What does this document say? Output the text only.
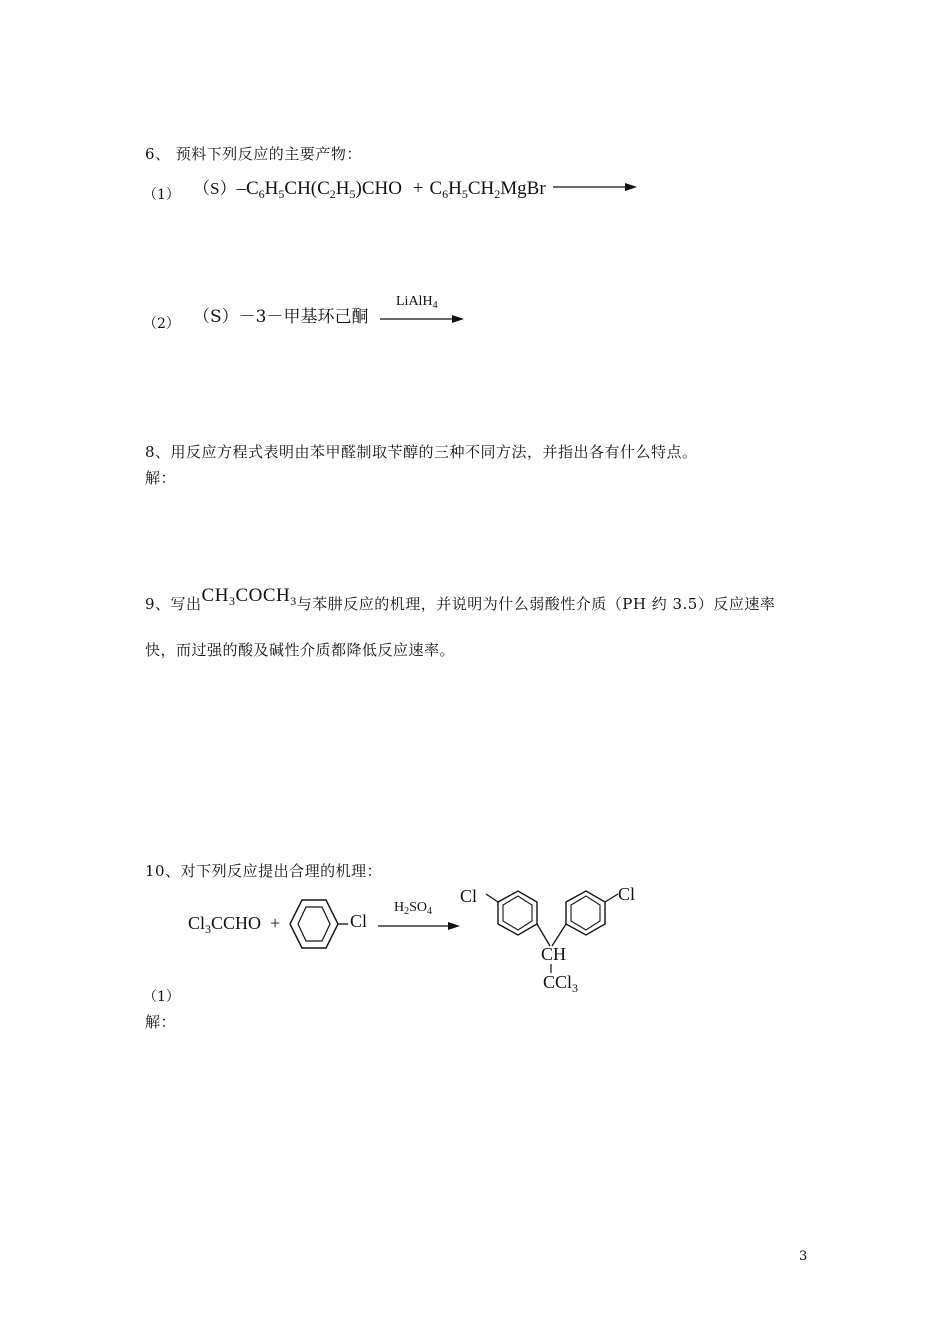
6、 预料下列反应的主要产物：
（1） $(S)-C_6H_5CH(C_2H_5)CHO$ + $C_6H_5CH_2MgBr$
（2） （S）－3－甲基环己酮
LiAlH$_4$
8、用反应方程式表明由苯甲醛制取苄醇的三种不同方法，并指出各有什么特点。
解：
9、写出$CH_3COCH_3$与苯肼反应的机理，并说明为什么弱酸性介质（PH 约 3.5）反应速率
快，而过强的酸及碱性介质都降低反应速率。
10、对下列反应提出合理的机理：
$Cl_3CCHO$ +	Cl
$H_2SO_4$
Cl	Cl
CH
CCl$_3$
（1）
解：
3
